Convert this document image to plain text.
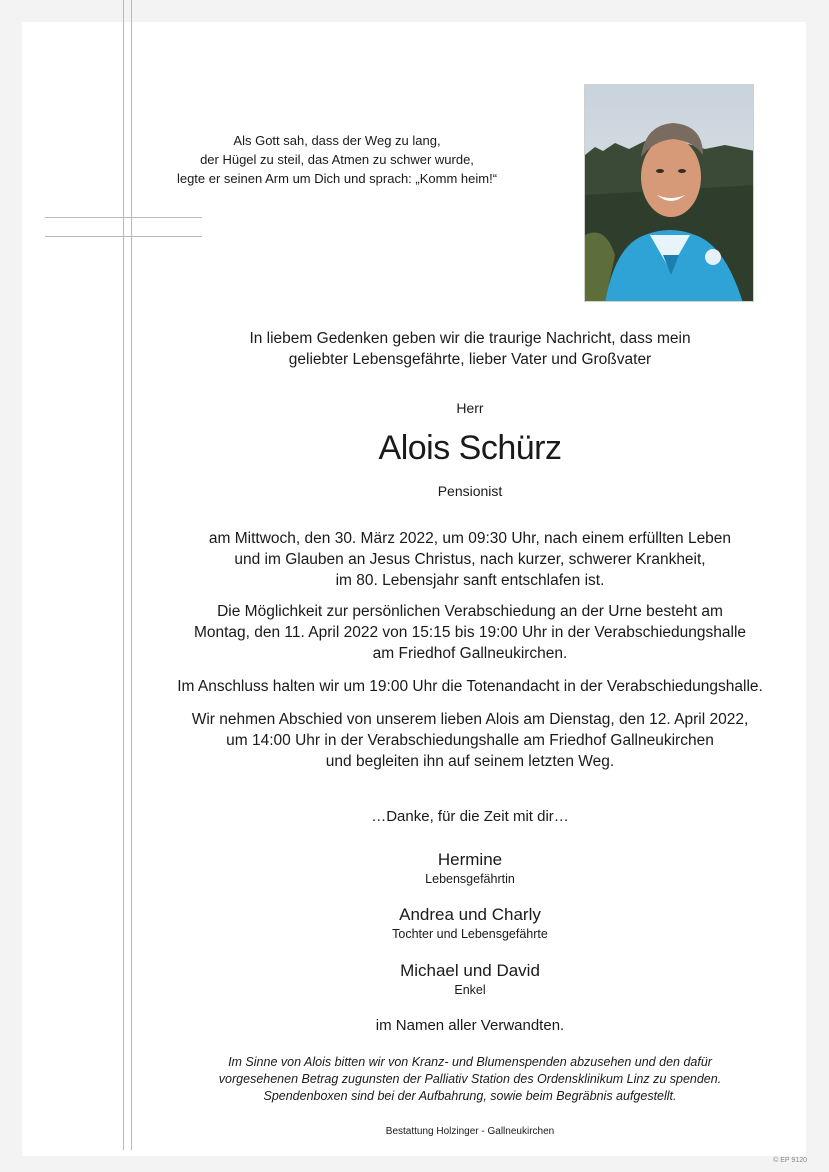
Als Gott sah, dass der Weg zu lang,
der Hügel zu steil, das Atmen zu schwer wurde,
legte er seinen Arm um Dich und sprach: „Komm heim!“
In liebem Gedenken geben wir die traurige Nachricht, dass mein
geliebter Lebensgefährte, lieber Vater und Großvater
Herr
Alois Schürz
Pensionist
am Mittwoch, den 30. März 2022, um 09:30 Uhr, nach einem erfüllten Leben
und im Glauben an Jesus Christus, nach kurzer, schwerer Krankheit,
im 80. Lebensjahr sanft entschlafen ist.
Die Möglichkeit zur persönlichen Verabschiedung an der Urne besteht am
Montag, den 11. April 2022 von 15:15 bis 19:00 Uhr in der Verabschiedungshalle
am Friedhof Gallneukirchen.
Im Anschluss halten wir um 19:00 Uhr die Totenandacht in der Verabschiedungshalle.
Wir nehmen Abschied von unserem lieben Alois am Dienstag, den 12. April 2022,
um 14:00 Uhr in der Verabschiedungshalle am Friedhof Gallneukirchen
und begleiten ihn auf seinem letzten Weg.
…Danke, für die Zeit mit dir…
Hermine
Lebensgefährtin
Andrea und Charly
Tochter und Lebensgefährte
Michael und David
Enkel
im Namen aller Verwandten.
Im Sinne von Alois bitten wir von Kranz- und Blumenspenden abzusehen und den dafür
vorgesehenen Betrag zugunsten der Palliativ Station des Ordensklinikum Linz zu spenden.
Spendenboxen sind bei der Aufbahrung, sowie beim Begräbnis aufgestellt.
Bestattung Holzinger - Gallneukirchen
© EP 9120
